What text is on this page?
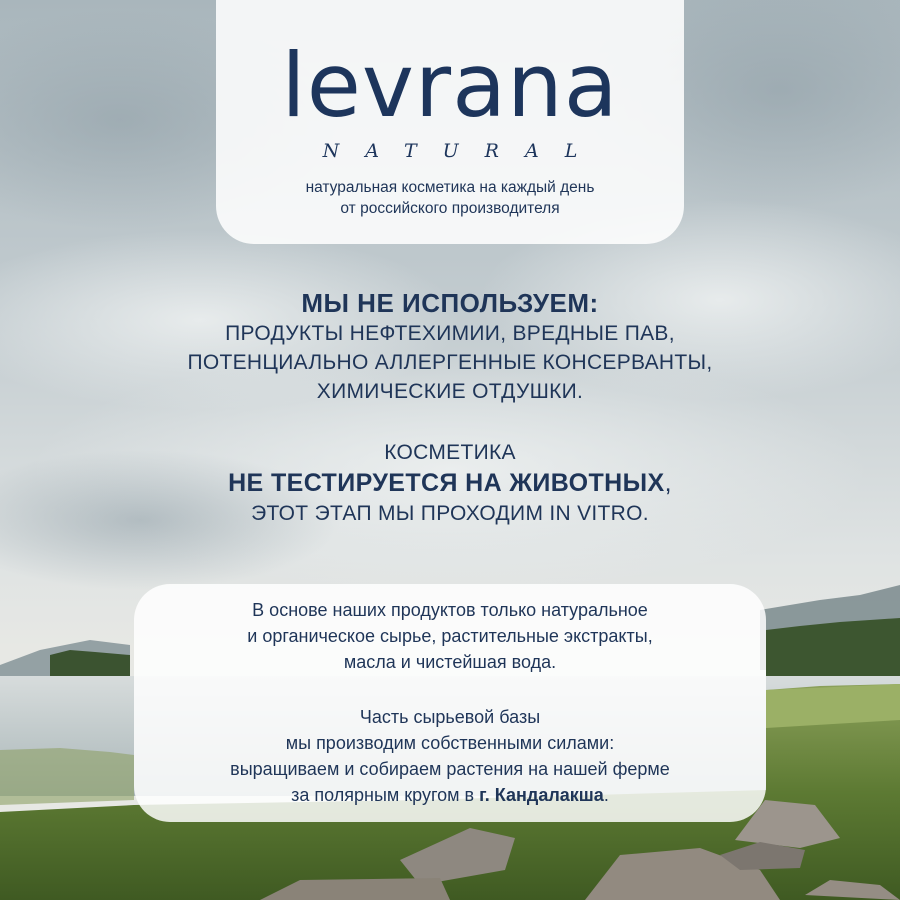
levrana
NATURAL
натуральная косметика на каждый день
от российского производителя
МЫ НЕ ИСПОЛЬЗУЕМ:
ПРОДУКТЫ НЕФТЕХИМИИ, ВРЕДНЫЕ ПАВ,
ПОТЕНЦИАЛЬНО АЛЛЕРГЕННЫЕ КОНСЕРВАНТЫ,
ХИМИЧЕСКИЕ ОТДУШКИ.
КОСМЕТИКА
НЕ ТЕСТИРУЕТСЯ НА ЖИВОТНЫХ,
ЭТОТ ЭТАП МЫ ПРОХОДИМ IN VITRO.
В основе наших продуктов только натуральное
и органическое сырье, растительные экстракты,
масла и чистейшая вода.
Часть сырьевой базы
мы производим собственными силами:
выращиваем и собираем растения на нашей ферме
за полярным кругом в г. Кандалакша.
